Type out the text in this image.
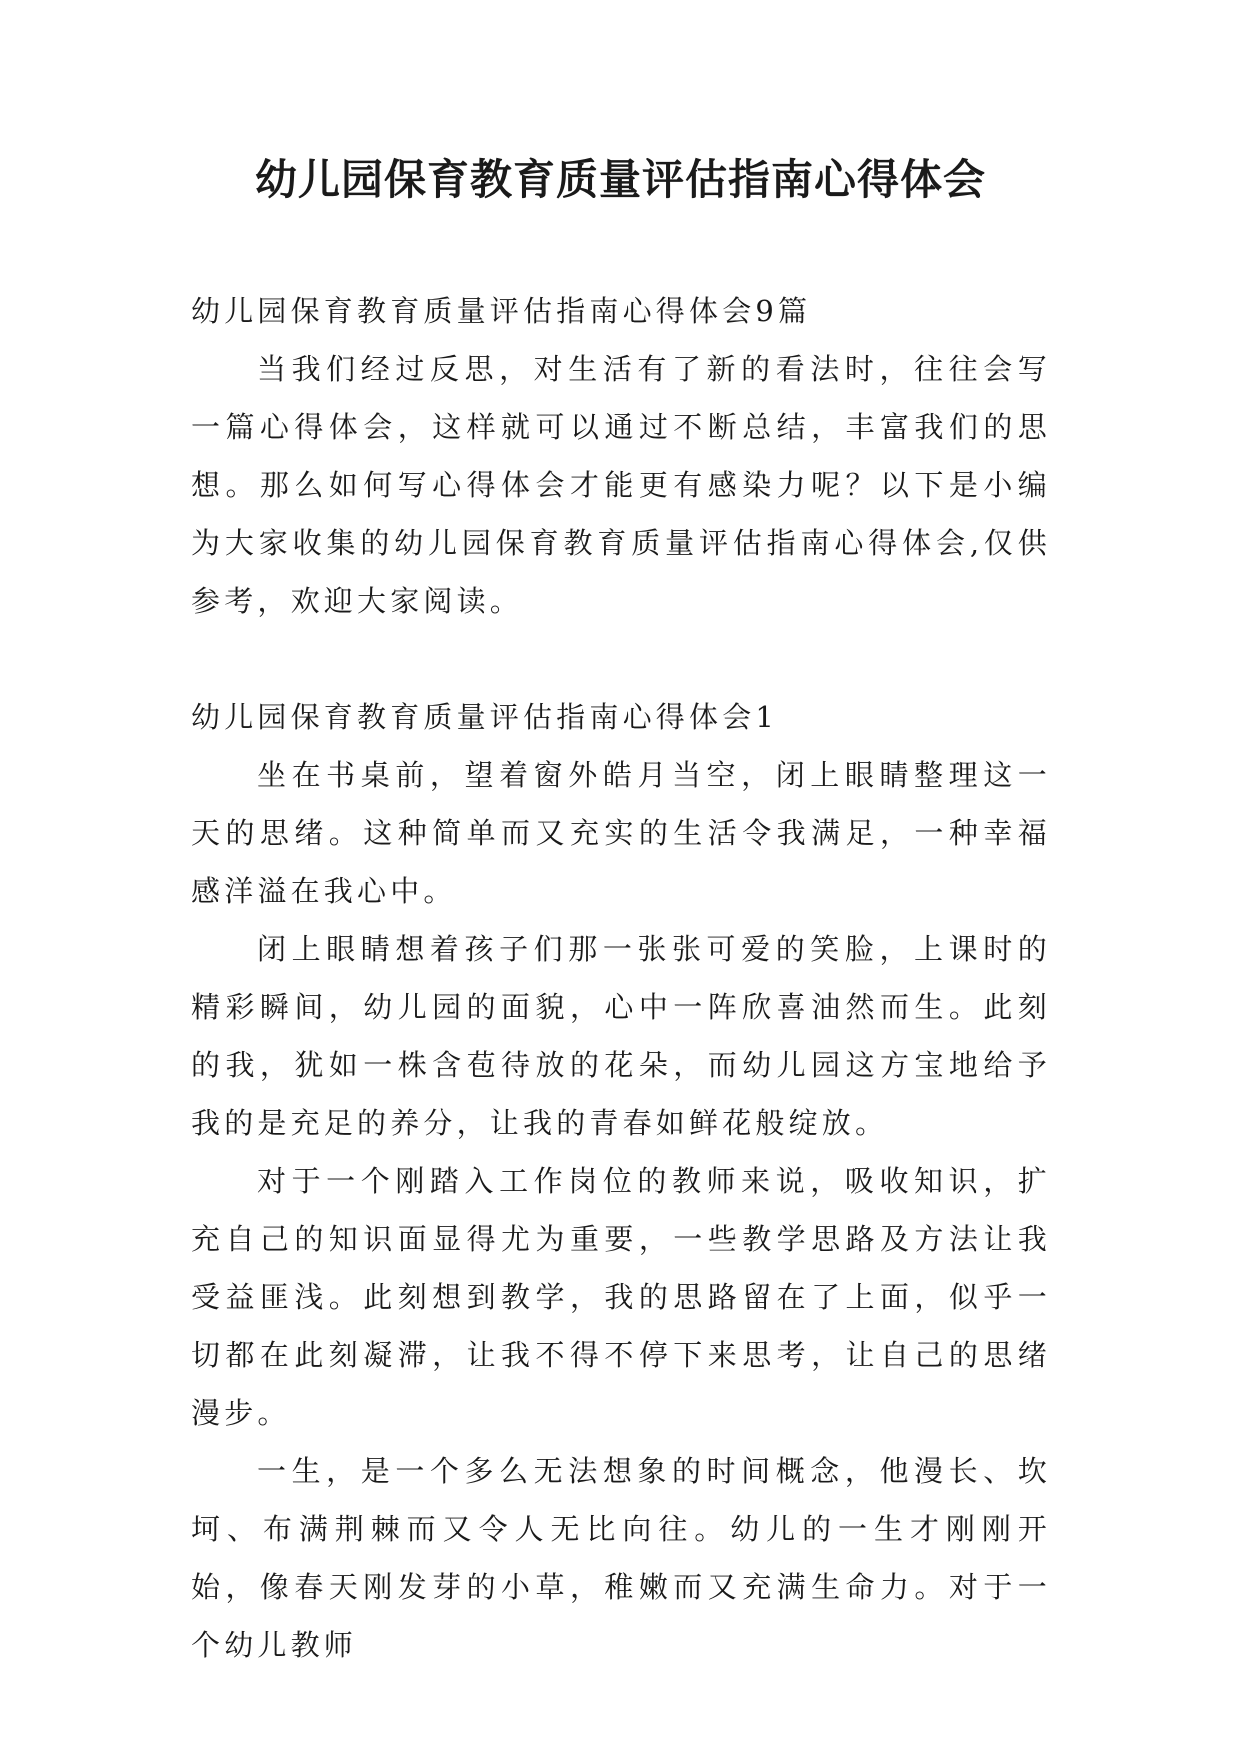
幼儿园保育教育质量评估指南心得体会

幼儿园保育教育质量评估指南心得体会9篇

当我们经过反思，对生活有了新的看法时，往往会写一篇心得体会，这样就可以通过不断总结，丰富我们的思想。那么如何写心得体会才能更有感染力呢？以下是小编为大家收集的幼儿园保育教育质量评估指南心得体会,仅供参考，欢迎大家阅读。

幼儿园保育教育质量评估指南心得体会1

坐在书桌前，望着窗外皓月当空，闭上眼睛整理这一天的思绪。这种简单而又充实的生活令我满足，一种幸福感洋溢在我心中。

闭上眼睛想着孩子们那一张张可爱的笑脸，上课时的精彩瞬间，幼儿园的面貌，心中一阵欣喜油然而生。此刻的我，犹如一株含苞待放的花朵，而幼儿园这方宝地给予我的是充足的养分，让我的青春如鲜花般绽放。

对于一个刚踏入工作岗位的教师来说，吸收知识，扩充自己的知识面显得尤为重要，一些教学思路及方法让我受益匪浅。此刻想到教学，我的思路留在了上面，似乎一切都在此刻凝滞，让我不得不停下来思考，让自己的思绪漫步。

一生，是一个多么无法想象的时间概念，他漫长、坎坷、布满荆棘而又令人无比向往。幼儿的一生才刚刚开始，像春天刚发芽的小草，稚嫩而又充满生命力。对于一个幼儿教师
